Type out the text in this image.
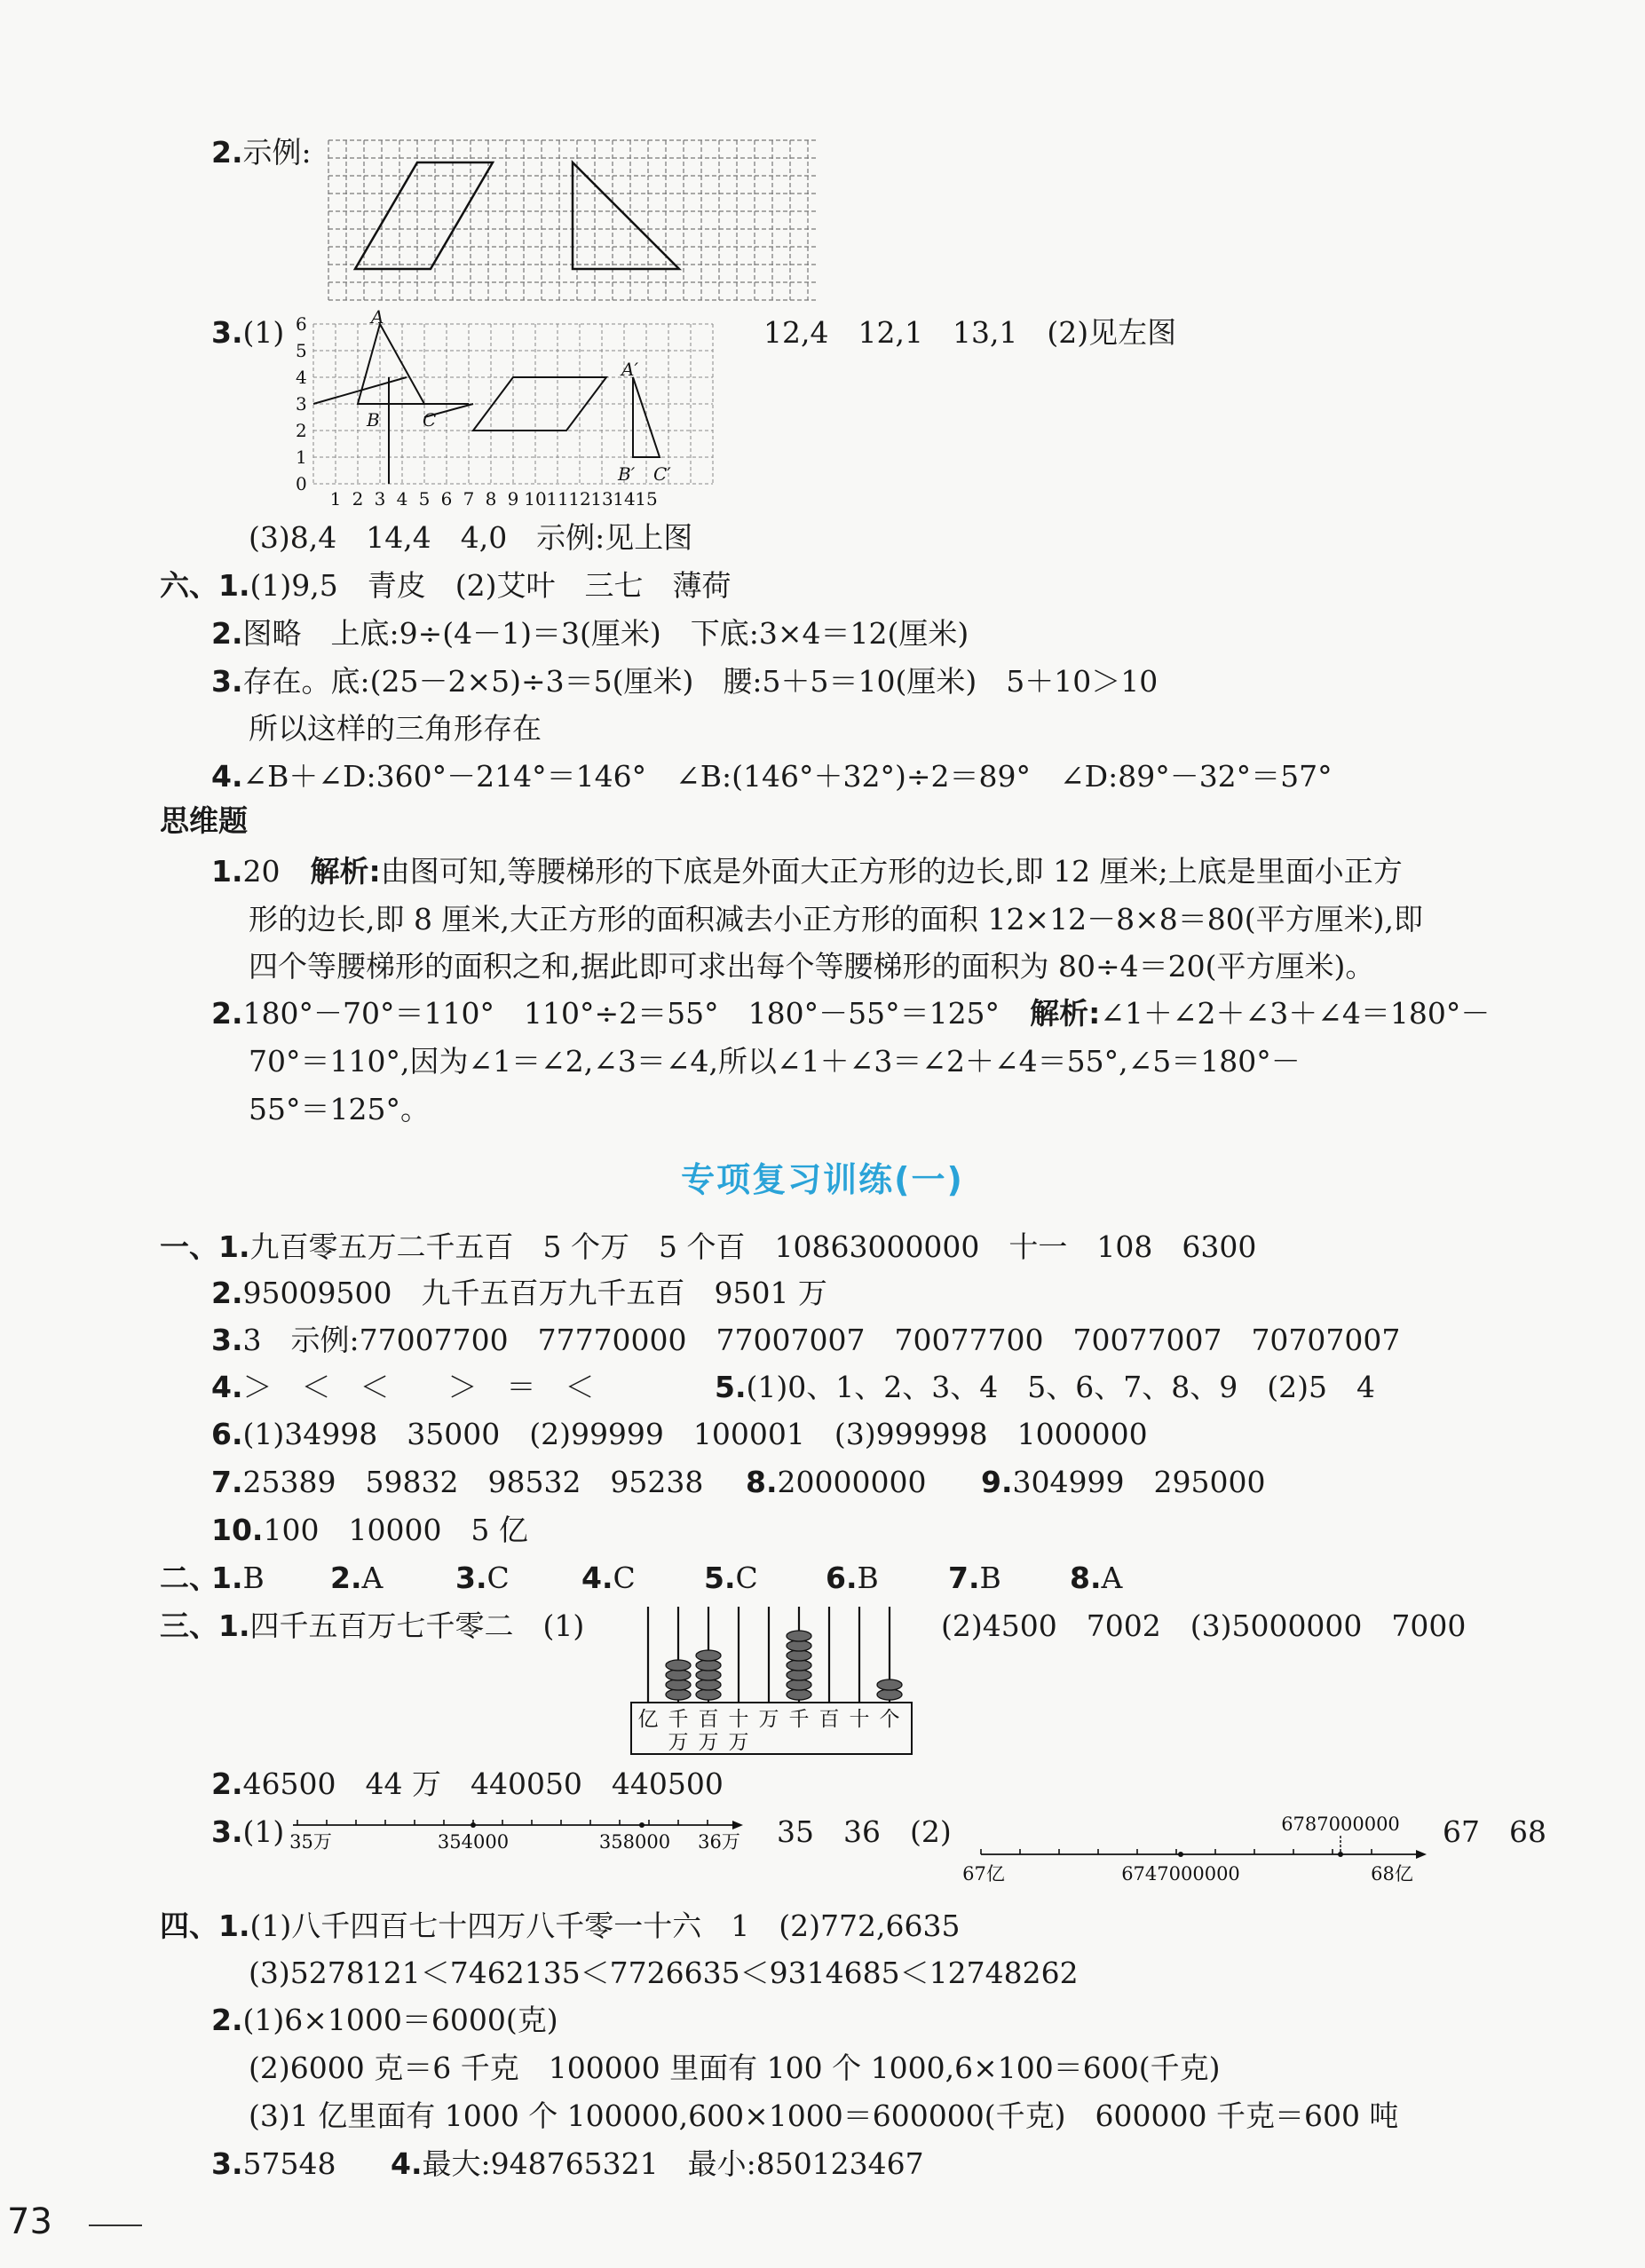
2.示例:
3.(1)
0
1
2
3
4
5
6
1 2 3 4 5 6 7 8 9 10 11 12 13 14 15
A
B C
A′
B′ C′
12,4　12,1　13,1　(2)见左图
(3)8,4　14,4　4,0　示例:见上图
六、1.(1)9,5　青皮　(2)艾叶　三七　薄荷
2.图略　上底:9÷(4－1)＝3(厘米)　下底:3×4＝12(厘米)
3.存在。底:(25－2×5)÷3＝5(厘米)　腰:5＋5＝10(厘米)　5＋10＞10
所以这样的三角形存在
4.∠B＋∠D:360°－214°＝146°　∠B:(146°＋32°)÷2＝89°　∠D:89°－32°＝57°
思维题
1.20 解析:由图可知,等腰梯形的下底是外面大正方形的边长,即 12 厘米;上底是里面小正方
形的边长,即 8 厘米,大正方形的面积减去小正方形的面积 12×12－8×8＝80(平方厘米),即
四个等腰梯形的面积之和,据此即可求出每个等腰梯形的面积为 80÷4＝20(平方厘米)。
2.180°－70°＝110°　110°÷2＝55°　180°－55°＝125° 解析:∠1＋∠2＋∠3＋∠4＝180°－
70°＝110°,因为∠1＝∠2,∠3＝∠4,所以∠1＋∠3＝∠2＋∠4＝55°,∠5＝180°－
55°＝125°。
专项复习训练(一)
一、1.九百零五万二千五百　5 个万　5 个百　10863000000　十一　108　6300
2.95009500　九千五百万九千五百　9501 万
3.3　示例:77007700　77770000　77007007　70077700　70077007　70707007
4.＞　＜　＜　　＞　＝　＜	5.(1)0、1、2、3、4　5、6、7、8、9　(2)5　4
6.(1)34998　35000　(2)99999　100001　(3)999998　1000000
7.25389　59832　98532　95238 8.20000000 9.304999　295000
10.100　10000　5 亿
二、
1.B 2.A 3.C 4.C 5.C 6.B 7.B 8.A
三、1.四千五百万七千零二　(1)
亿 千 百 十 万 千 百 十 个
万 万 万
(2)4500　7002　(3)5000000　7000
2.46500　44 万　440050　440500
3.(1) 35万	354000	358000 36万 35　36　(2)	6787000000
67亿	6747000000	68亿
67　68
四、1.(1)八千四百七十四万八千零一十六　1　(2)772,6635
(3)5278121＜7462135＜7726635＜9314685＜12748262
2.(1)6×1000＝6000(克)
(2)6000 克＝6 千克　100000 里面有 100 个 1000,6×100＝600(千克)
(3)1 亿里面有 1000 个 100000,600×1000＝600000(千克)　600000 千克＝600 吨
3.57548 4.最大:948765321　最小:850123467
73
